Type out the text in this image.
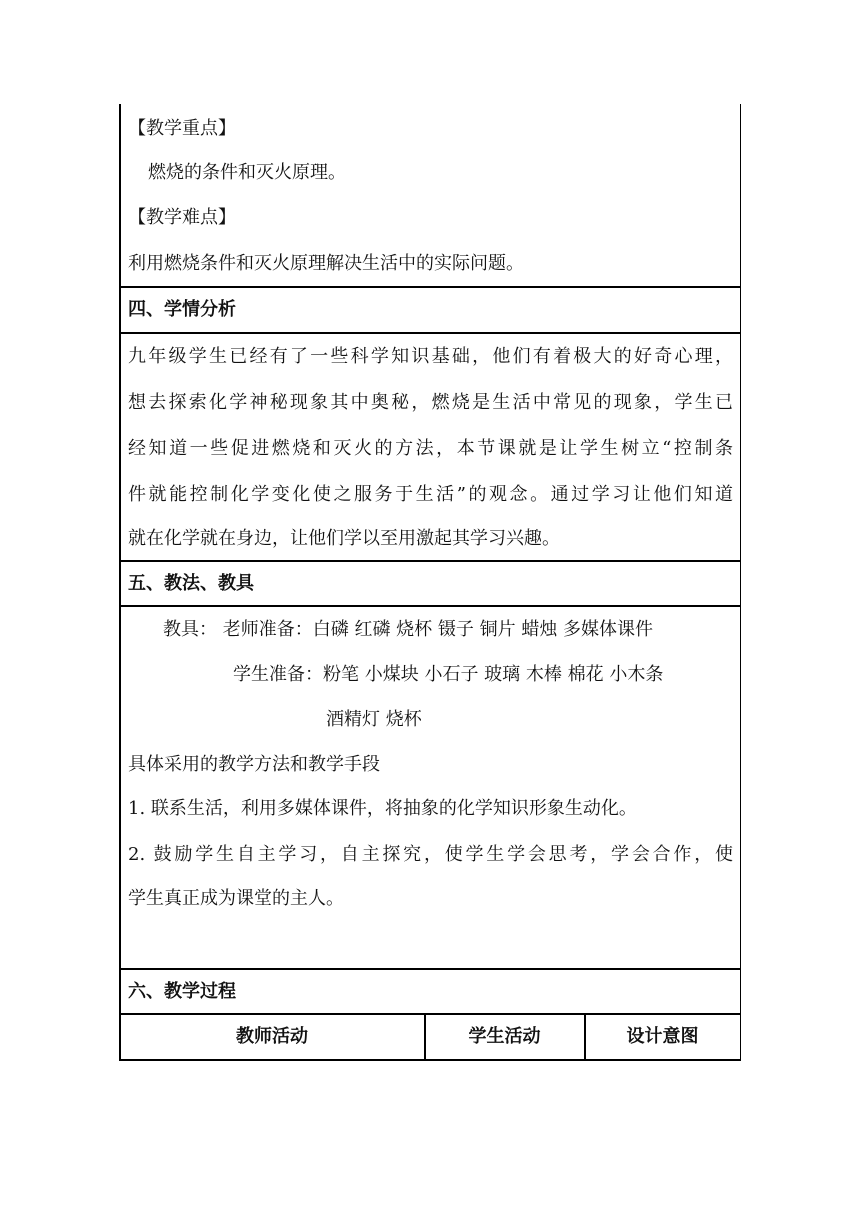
【教学重点】
燃烧的条件和灭火原理。
【教学难点】
利用燃烧条件和灭火原理解决生活中的实际问题。
四、学情分析
九年级学生已经有了一些科学知识基础，他们有着极大的好奇心理，
想去探索化学神秘现象其中奥秘，燃烧是生活中常见的现象，学生已
经知道一些促进燃烧和灭火的方法，本节课就是让学生树立“控制条
件就能控制化学变化使之服务于生活”的观念。通过学习让他们知道
就在化学就在身边，让他们学以至用激起其学习兴趣。
五、教法、教具
教具： 老师准备：白磷 红磷 烧杯 镊子 铜片 蜡烛 多媒体课件
学生准备：粉笔 小煤块 小石子 玻璃 木棒 棉花 小木条
酒精灯 烧杯
具体采用的教学方法和教学手段
1. 联系生活，利用多媒体课件，将抽象的化学知识形象生动化。
2. 鼓励学生自主学习，自主探究，使学生学会思考，学会合作，使
学生真正成为课堂的主人。
六、教学过程
教师活动	学生活动	设计意图
